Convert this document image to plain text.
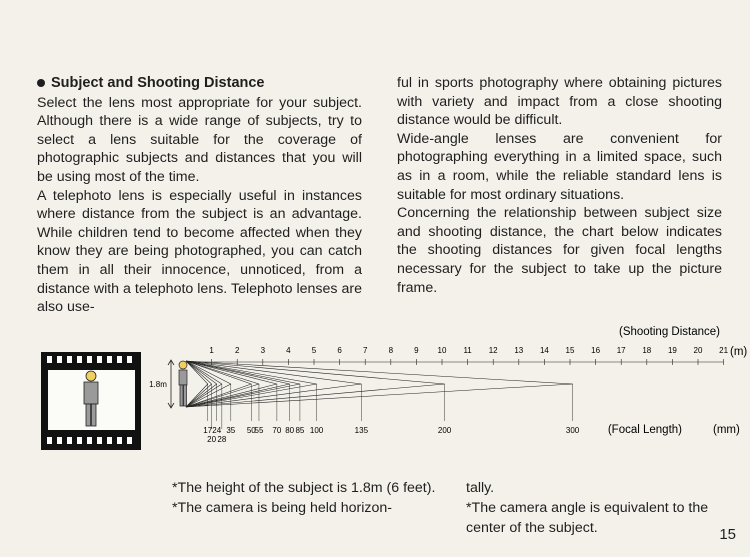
Subject and Shooting Distance

Select the lens most appropriate for your subject. Although there is a wide range of subjects, try to select a lens suitable for the coverage of photographic subjects and distances that you will be using most of the time.

A telephoto lens is especially useful in instances where distance from the subject is an advantage. While children tend to become affected when they know they are being photographed, you can catch them in all their innocence, unnoticed, from a distance with a telephoto lens. Telephoto lenses are also use-

ful in sports photography where obtaining pictures with variety and impact from a close shooting distance would be difficult.

Wide-angle lenses are convenient for photographing everything in a limited space, such as in a room, while the reliable standard lens is suitable for most ordinary situations.

Concerning the relationship between subject size and shooting distance, the chart below indicates the shooting distances for given focal lengths necessary for the subject to take up the picture frame.

1.8m
(Shooting Distance)
(m)
(Focal Length)	(mm)
1	2	3	4	5	6	7	8	9 10 11 12 13 14 15 16 17 18 19 20 21
17
20
24
28
35 50
55 70 80 85 100	135	200	300

*The height of the subject is 1.8m (6 feet).

*The camera is being held horizon-

tally.

*The camera angle is equivalent to the center of the subject.	15
